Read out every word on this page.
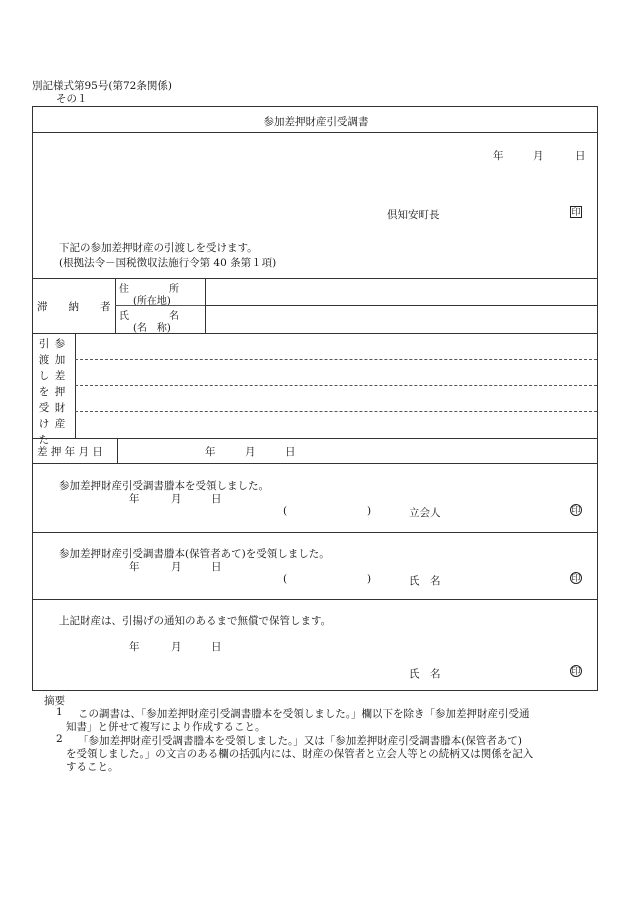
別記様式第95号(第72条関係)
その１
参加差押財産引受調書
年	月	日
倶知安町長	印
下記の参加差押財産の引渡しを受けます。
(根拠法令－国税徴収法施行令第 40 条第１項)
滞　　納　　者
住　　　　所
(所在地)
氏　　　　名
(名　称)
引渡しを受けた
参加差押財産
差 押 年 月 日	年	月	日
参加差押財産引受調書謄本を受領しました。
年	月	日
(	)	立会人	印
参加差押財産引受調書謄本(保管者あて)を受領しました。
年	月	日
(	)	氏　名	印
上記財産は、引揚げの通知のあるまで無償で保管します。
年	月	日
氏　名	印
摘要
1 この調書は、「参加差押財産引受調書謄本を受領しました。」欄以下を除き「参加差押財産引受通
知書」と併せて複写により作成すること。
2 「参加差押財産引受調書謄本を受領しました。」又は「参加差押財産引受調書謄本(保管者あて)
を受領しました。」の文言のある欄の括弧内には、財産の保管者と立会人等との続柄又は関係を記入
すること。
